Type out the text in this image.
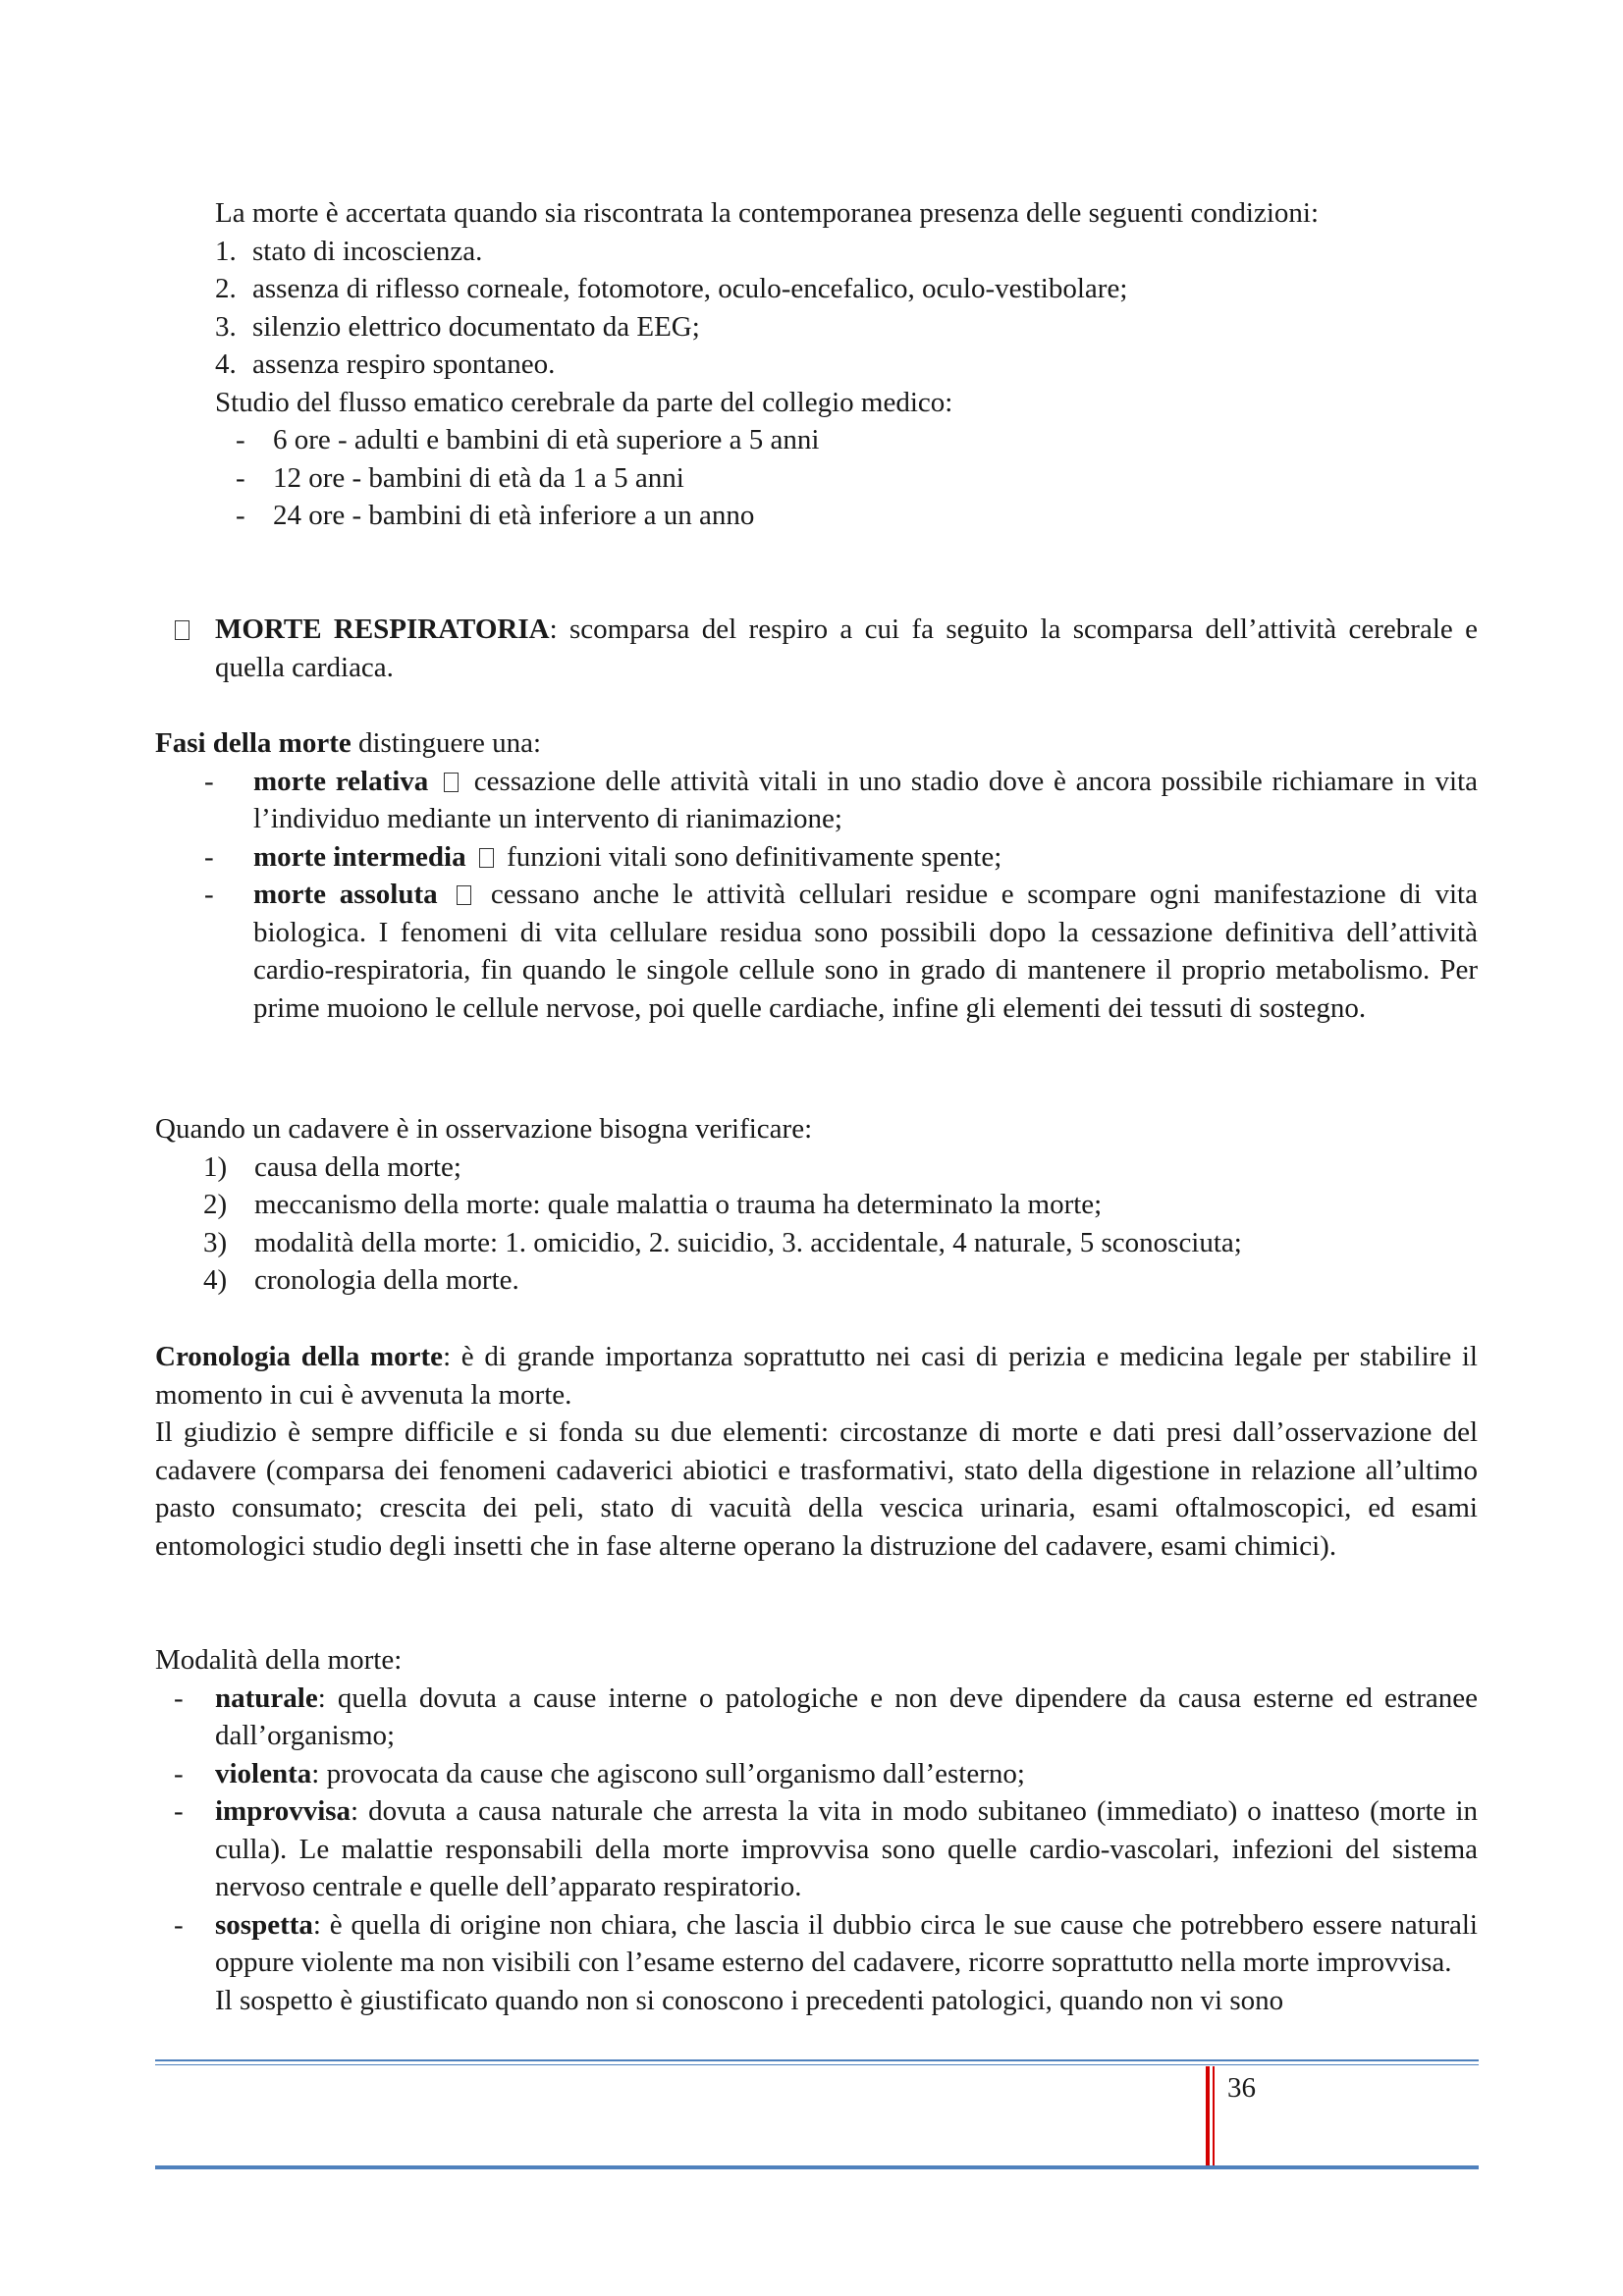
La morte è accertata quando sia riscontrata la contemporanea presenza delle seguenti condizioni:
1. stato di incoscienza.
2. assenza di riflesso corneale, fotomotore, oculo-encefalico, oculo-vestibolare;
3. silenzio elettrico documentato da EEG;
4. assenza respiro spontaneo.
Studio del flusso ematico cerebrale da parte del collegio medico:
- 6 ore - adulti e bambini di età superiore a 5 anni
- 12 ore - bambini di età da 1 a 5 anni
- 24 ore - bambini di età inferiore a un anno
MORTE RESPIRATORIA: scomparsa del respiro a cui fa seguito la scomparsa dell’attività cerebrale e quella cardiaca.
Fasi della morte distinguere una:
- morte relativa  cessazione delle attività vitali in uno stadio dove è ancora possibile richiamare in vita l’individuo mediante un intervento di rianimazione;
- morte intermedia  funzioni vitali sono definitivamente spente;
- morte assoluta  cessano anche le attività cellulari residue e scompare ogni manifestazione di vita biologica. I fenomeni di vita cellulare residua sono possibili dopo la cessazione definitiva dell’attività cardio-respiratoria, fin quando le singole cellule sono in grado di mantenere il proprio metabolismo. Per prime muoiono le cellule nervose, poi quelle cardiache, infine gli elementi dei tessuti di sostegno.
Quando un cadavere è in osservazione bisogna verificare:
1) causa della morte;
2) meccanismo della morte: quale malattia o trauma ha determinato la morte;
3) modalità della morte: 1. omicidio, 2. suicidio, 3. accidentale, 4 naturale, 5 sconosciuta;
4) cronologia della morte.
Cronologia della morte: è di grande importanza soprattutto nei casi di perizia e medicina legale per stabilire il momento in cui è avvenuta la morte.
Il giudizio è sempre difficile e si fonda su due elementi: circostanze di morte e dati presi dall’osservazione del cadavere (comparsa dei fenomeni cadaverici abiotici e trasformativi, stato della digestione in relazione all’ultimo pasto consumato; crescita dei peli, stato di vacuità della vescica urinaria, esami oftalmoscopici, ed esami entomologici studio degli insetti che in fase alterne operano la distruzione del cadavere, esami chimici).
Modalità della morte:
- naturale: quella dovuta a cause interne o patologiche e non deve dipendere da causa esterne ed estranee dall’organismo;
- violenta: provocata da cause che agiscono sull’organismo dall’esterno;
- improvvisa: dovuta a causa naturale che arresta la vita in modo subitaneo (immediato) o inatteso (morte in culla). Le malattie responsabili della morte improvvisa sono quelle cardio-vascolari, infezioni del sistema nervoso centrale e quelle dell’apparato respiratorio.
- sospetta: è quella di origine non chiara, che lascia il dubbio circa le sue cause che potrebbero essere naturali oppure violente ma non visibili con l’esame esterno del cadavere, ricorre soprattutto nella morte improvvisa.
Il sospetto è giustificato quando non si conoscono i precedenti patologici, quando non vi sono
36
